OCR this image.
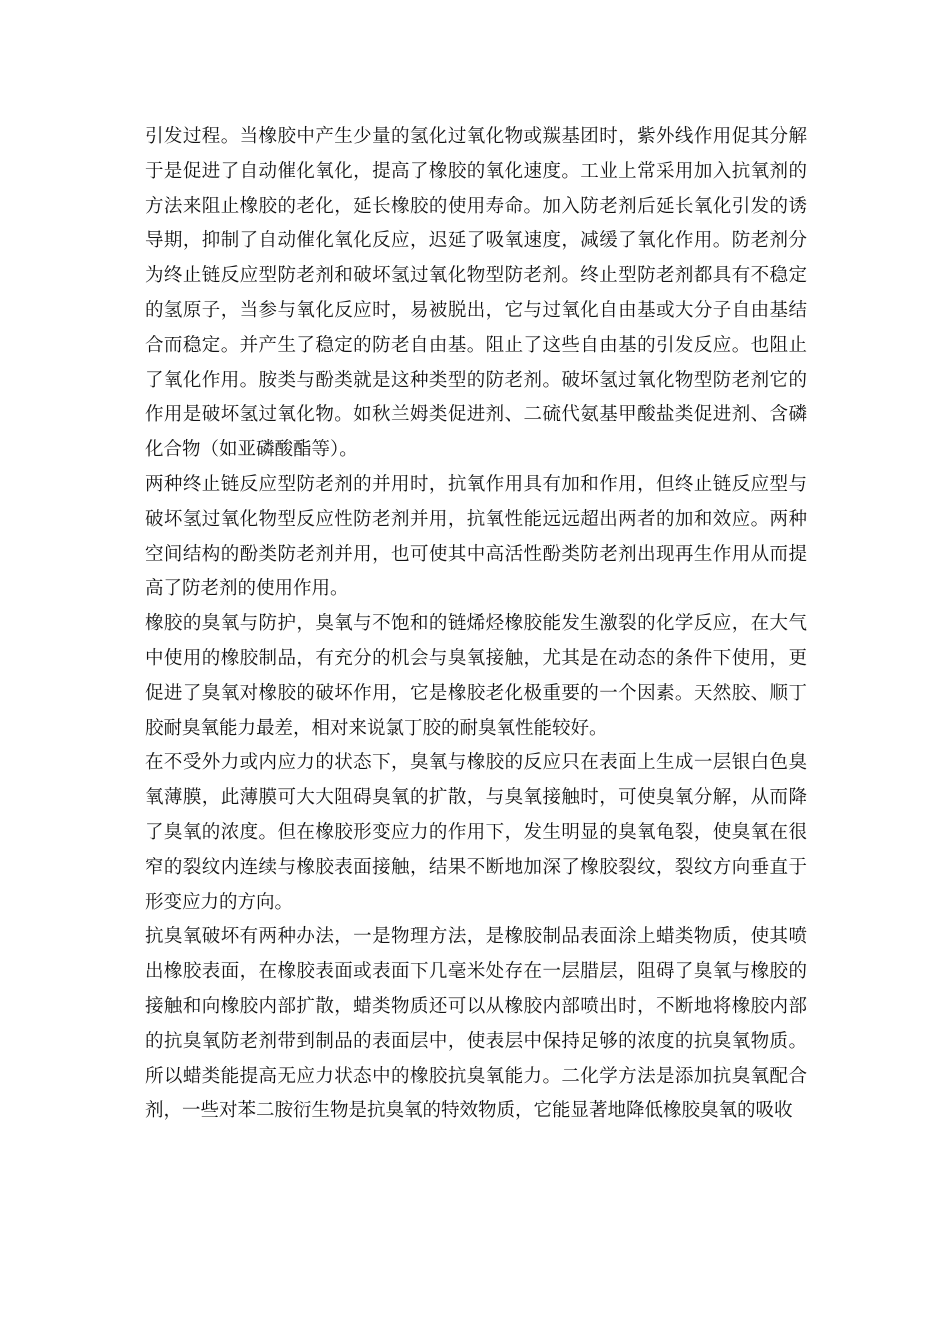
引发过程。当橡胶中产生少量的氢化过氧化物或羰基团时，紫外线作用促其分解于是促进了自动催化氧化，提高了橡胶的氧化速度。工业上常采用加入抗氧剂的方法来阻止橡胶的老化，延长橡胶的使用寿命。加入防老剂后延长氧化引发的诱导期，抑制了自动催化氧化反应，迟延了吸氧速度，减缓了氧化作用。防老剂分为终止链反应型防老剂和破坏氢过氧化物型防老剂。终止型防老剂都具有不稳定的氢原子，当参与氧化反应时，易被脱出，它与过氧化自由基或大分子自由基结合而稳定。并产生了稳定的防老自由基。阻止了这些自由基的引发反应。也阻止了氧化作用。胺类与酚类就是这种类型的防老剂。破坏氢过氧化物型防老剂它的作用是破坏氢过氧化物。如秋兰姆类促进剂、二硫代氨基甲酸盐类促进剂、含磷化合物（如亚磷酸酯等）。

两种终止链反应型防老剂的并用时，抗氧作用具有加和作用，但终止链反应型与破坏氢过氧化物型反应性防老剂并用，抗氧性能远远超出两者的加和效应。两种空间结构的酚类防老剂并用，也可使其中高活性酚类防老剂出现再生作用从而提高了防老剂的使用作用。

橡胶的臭氧与防护，臭氧与不饱和的链烯烃橡胶能发生激裂的化学反应，在大气中使用的橡胶制品，有充分的机会与臭氧接触，尤其是在动态的条件下使用，更促进了臭氧对橡胶的破坏作用，它是橡胶老化极重要的一个因素。天然胶、顺丁胶耐臭氧能力最差，相对来说氯丁胶的耐臭氧性能较好。

在不受外力或内应力的状态下，臭氧与橡胶的反应只在表面上生成一层银白色臭氧薄膜，此薄膜可大大阻碍臭氧的扩散，与臭氧接触时，可使臭氧分解，从而降了臭氧的浓度。但在橡胶形变应力的作用下，发生明显的臭氧龟裂，使臭氧在很窄的裂纹内连续与橡胶表面接触，结果不断地加深了橡胶裂纹，裂纹方向垂直于形变应力的方向。

抗臭氧破坏有两种办法，一是物理方法，是橡胶制品表面涂上蜡类物质，使其喷出橡胶表面，在橡胶表面或表面下几毫米处存在一层腊层，阻碍了臭氧与橡胶的接触和向橡胶内部扩散，蜡类物质还可以从橡胶内部喷出时，不断地将橡胶内部的抗臭氧防老剂带到制品的表面层中，使表层中保持足够的浓度的抗臭氧物质。所以蜡类能提高无应力状态中的橡胶抗臭氧能力。二化学方法是添加抗臭氧配合剂，一些对苯二胺衍生物是抗臭氧的特效物质，它能显著地降低橡胶臭氧的吸收
